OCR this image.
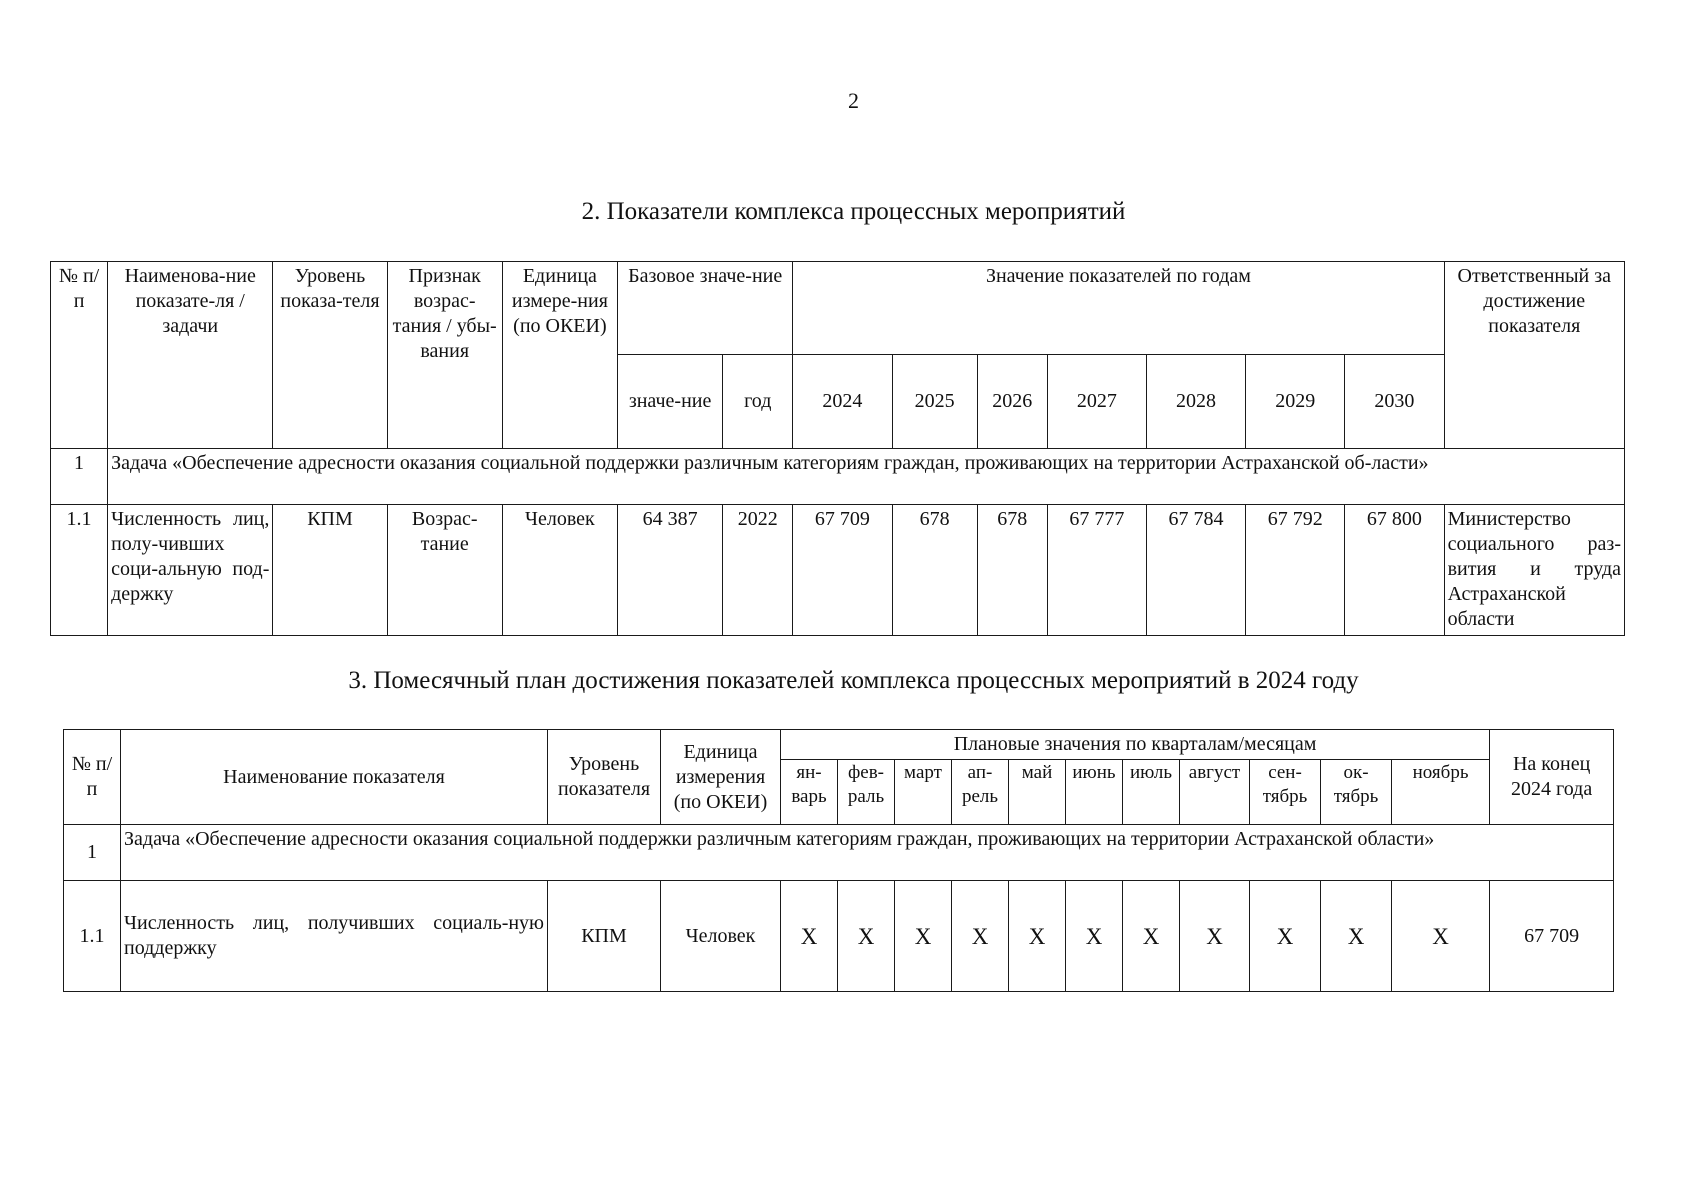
2
2. Показатели комплекса процессных мероприятий
№ п/п	Наименова-ние показате-ля / задачи	Уровень показа-теля	Признак возрас-тания / убы-вания	Единица измере-ния (по ОКЕИ)	Базовое значе-ние		Значение показателей по годам							Ответственный за достижение показателя
					значе-ние	год	2024	2025	2026	2027	2028	2029	2030	
1	Задача «Обеспечение адресности оказания социальной поддержки различным категориям граждан, проживающих на территории Астраханской об-ласти»													
1.1	Численность лиц, полу-чивших соци-альную под-держку	КПМ	Возрас-тание	Человек	64 387	2022	67 709	678	678	67 777	67 784	67 792	67 800	Министерство социального раз-вития и труда Астраханской области
3. Помесячный план достижения показателей комплекса процессных мероприятий в 2024 году
№ п/п	Наименование показателя	Уровень показателя	Единица измерения (по ОКЕИ)	Плановые значения по кварталам/месяцам											На конец 2024 года
				ян-варь	фев-раль	март	ап-рель	май	июнь	июль	август	сен-тябрь	ок-тябрь	ноябрь	
1	Задача «Обеспечение адресности оказания социальной поддержки различным категориям граждан, проживающих на территории Астраханской области»														
1.1	Численность лиц, получивших социаль-ную поддержку	КПМ	Человек	X	X	X	X	X	X	X	X	X	X	X	67 709
